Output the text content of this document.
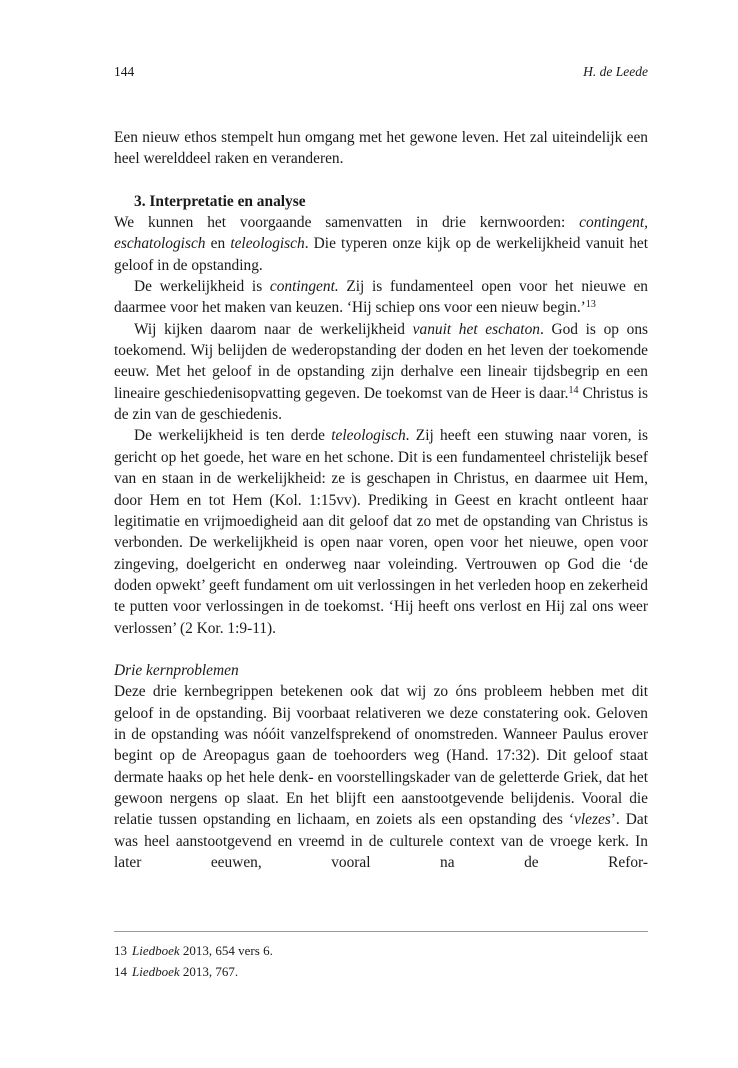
144	H. de Leede

Een nieuw ethos stempelt hun omgang met het gewone leven. Het zal uiteindelijk een heel werelddeel raken en veranderen.

3. Interpretatie en analyse

We kunnen het voorgaande samenvatten in drie kernwoorden: contingent, eschatologisch en teleologisch. Die typeren onze kijk op de werkelijkheid vanuit het geloof in de opstanding.

De werkelijkheid is contingent. Zij is fundamenteel open voor het nieuwe en daarmee voor het maken van keuzen. ‘Hij schiep ons voor een nieuw begin.’$^{13}$

Wij kijken daarom naar de werkelijkheid vanuit het eschaton. God is op ons toekomend. Wij belijden de wederopstanding der doden en het leven der toekomende eeuw. Met het geloof in de opstanding zijn derhalve een lineair tijdsbegrip en een lineaire geschiedenisopvatting gegeven. De toekomst van de Heer is daar.$^{14}$ Christus is de zin van de geschiedenis.

De werkelijkheid is ten derde teleologisch. Zij heeft een stuwing naar voren, is gericht op het goede, het ware en het schone. Dit is een fundamenteel christelijk besef van en staan in de werkelijkheid: ze is geschapen in Christus, en daarmee uit Hem, door Hem en tot Hem (Kol. 1:15vv). Prediking in Geest en kracht ontleent haar legitimatie en vrijmoedigheid aan dit geloof dat zo met de opstanding van Christus is verbonden. De werkelijkheid is open naar voren, open voor het nieuwe, open voor zingeving, doelgericht en onderweg naar voleinding. Vertrouwen op God die ‘de doden opwekt’ geeft fundament om uit verlossingen in het verleden hoop en zekerheid te putten voor verlossingen in de toekomst. ‘Hij heeft ons verlost en Hij zal ons weer verlossen’ (2 Kor. 1:9-11).

Drie kernproblemen

Deze drie kernbegrippen betekenen ook dat wij zo óns probleem hebben met dit geloof in de opstanding. Bij voorbaat relativeren we deze constatering ook. Geloven in de opstanding was nóóit vanzelfsprekend of onomstreden. Wanneer Paulus erover begint op de Areopagus gaan de toehoorders weg (Hand. 17:32). Dit geloof staat dermate haaks op het hele denk- en voorstellingskader van de geletterde Griek, dat het gewoon nergens op slaat. En het blijft een aanstootgevende belijdenis. Vooral die relatie tussen opstanding en lichaam, en zoiets als een opstanding des ‘vlezes’. Dat was heel aanstootgevend en vreemd in de culturele context van de vroege kerk. In later eeuwen, vooral na de Refor-

13 Liedboek 2013, 654 vers 6.
14 Liedboek 2013, 767.
